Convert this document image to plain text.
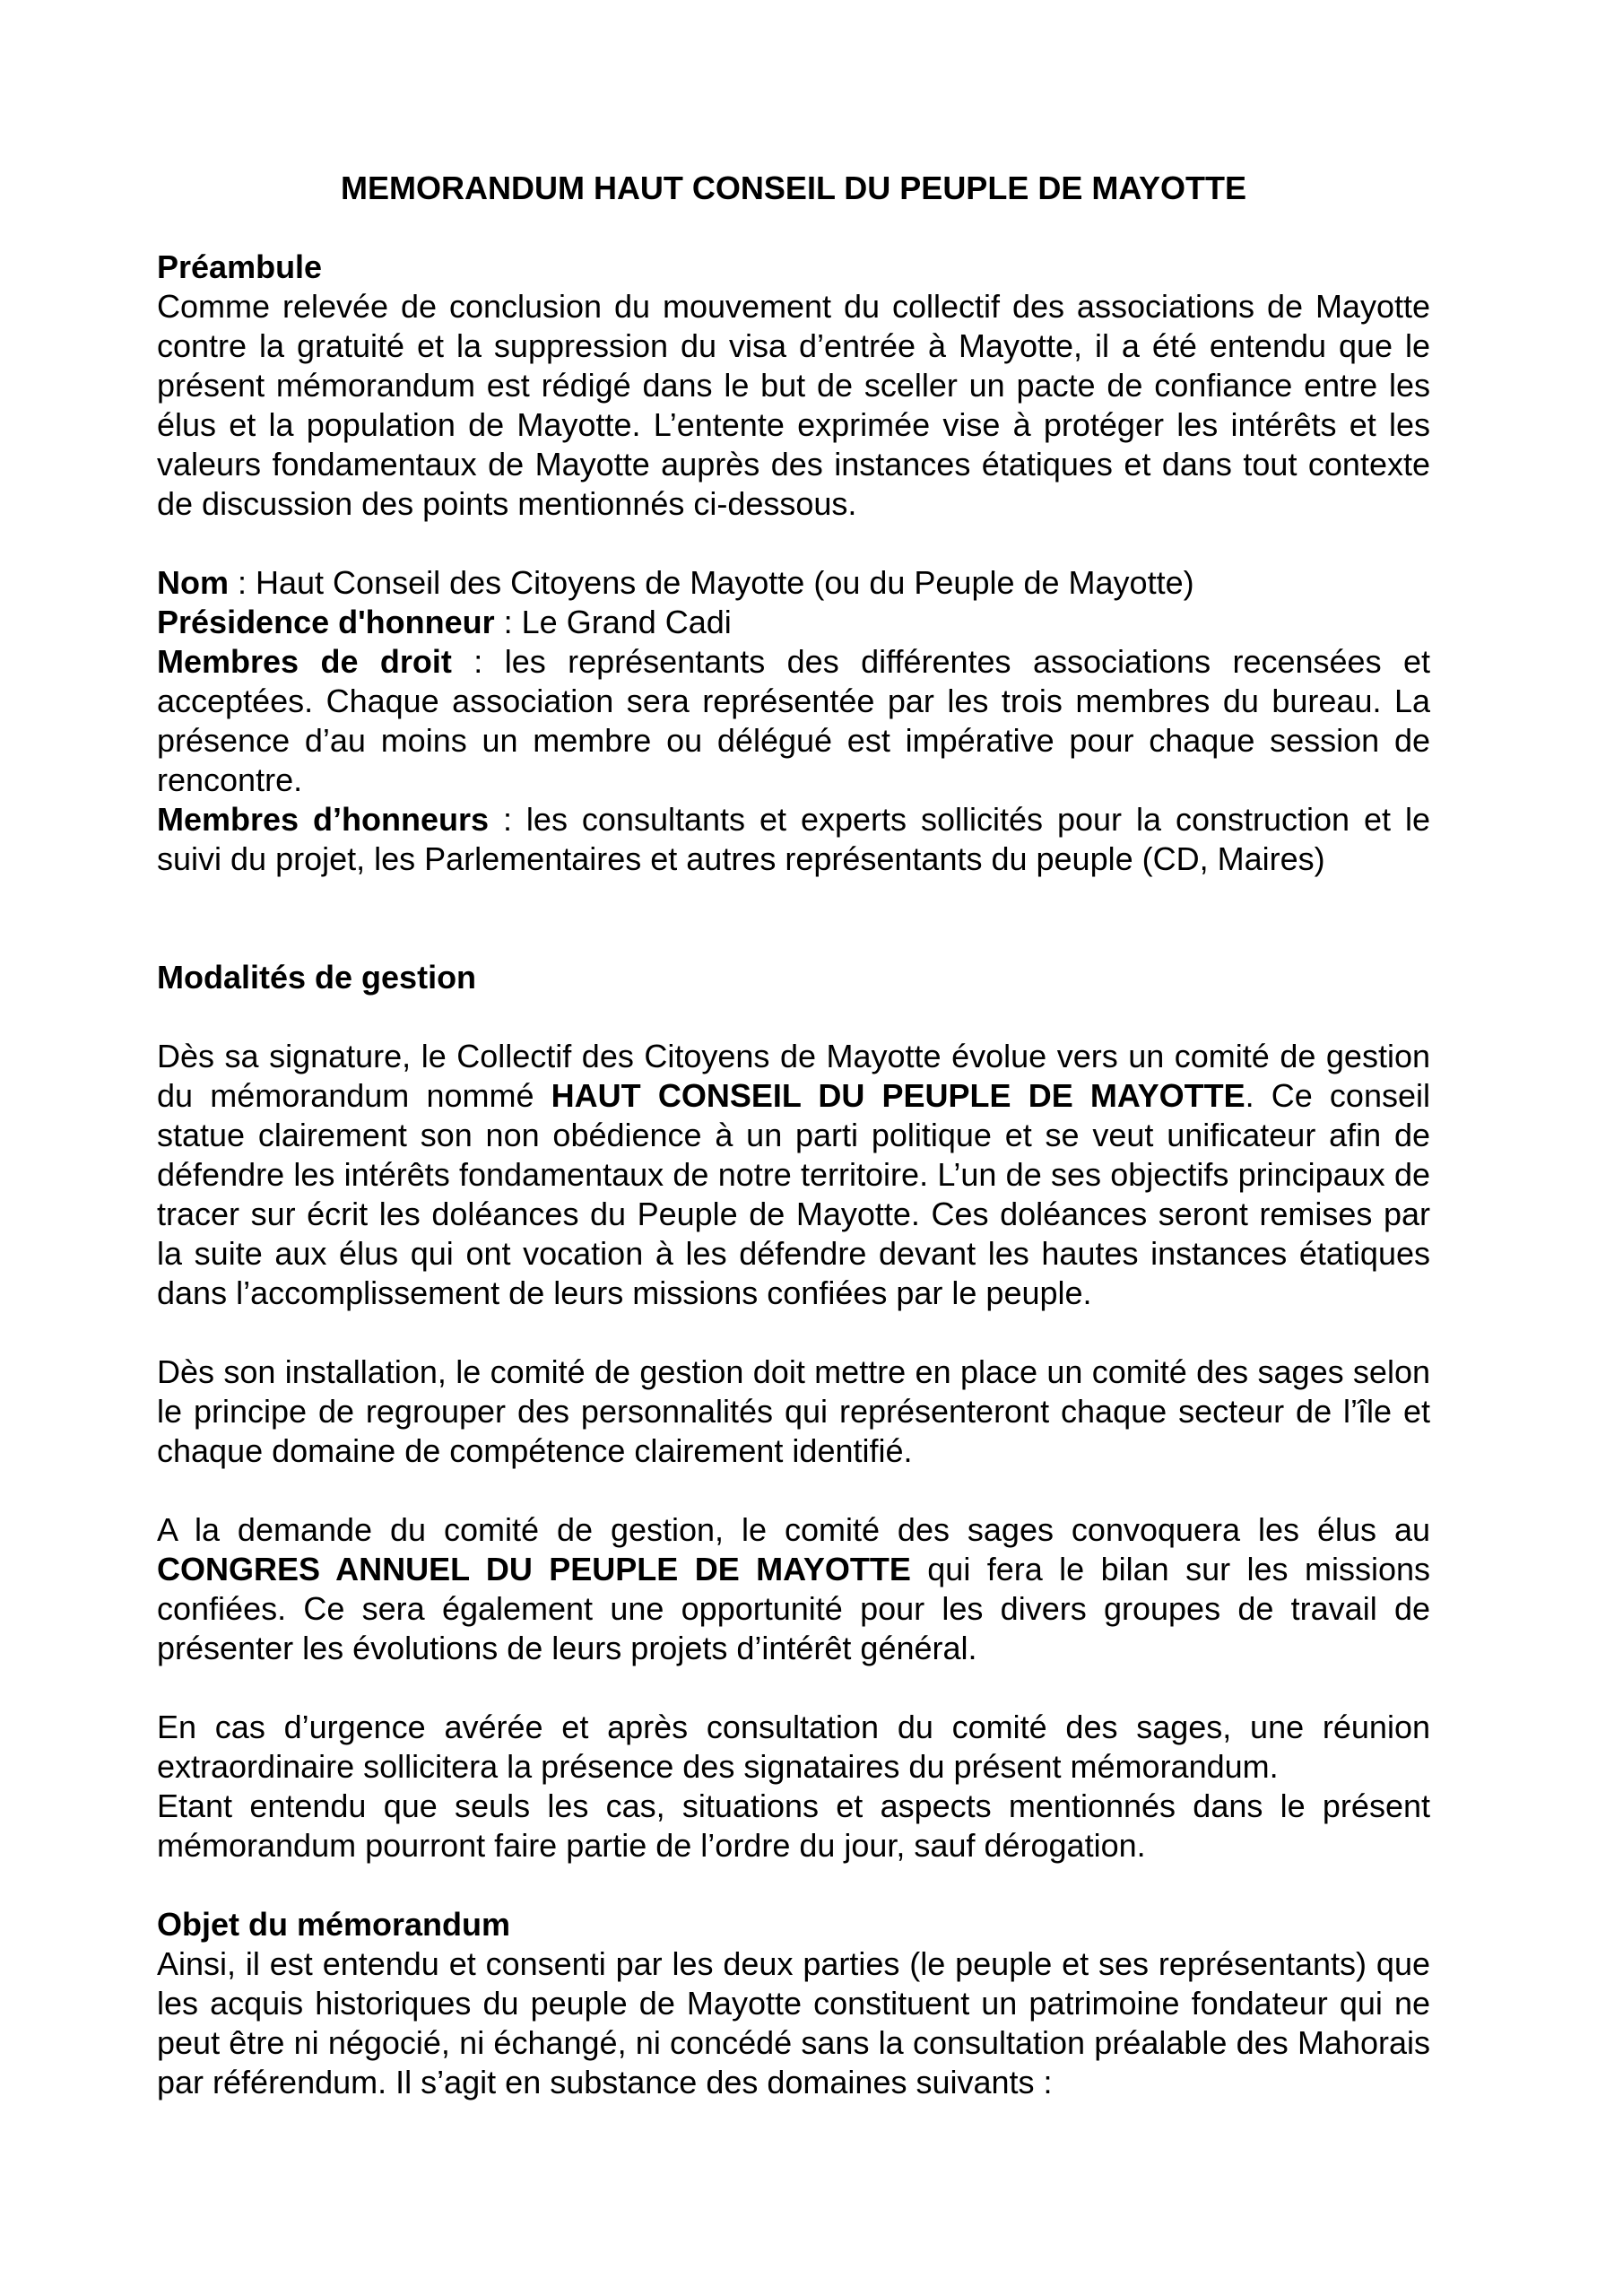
MEMORANDUM HAUT CONSEIL DU PEUPLE DE MAYOTTE
Préambule

Comme relevée de conclusion du mouvement du collectif des associations de Mayotte contre la gratuité et la suppression du visa d’entrée à Mayotte, il a été entendu que le présent mémorandum est rédigé dans le but de sceller un pacte de confiance entre les élus et la population de Mayotte. L’entente exprimée vise à protéger les intérêts et les valeurs fondamentaux de Mayotte auprès des instances étatiques et dans tout contexte de discussion des points mentionnés ci-dessous.

Nom : Haut Conseil des Citoyens de Mayotte (ou du Peuple de Mayotte)

Présidence d'honneur : Le Grand Cadi

Membres de droit : les représentants des différentes associations recensées et acceptées. Chaque association sera représentée par les trois membres du bureau. La présence d’au moins un membre ou délégué est impérative pour chaque session de rencontre.

Membres d’honneurs : les consultants et experts sollicités pour la construction et le suivi du projet, les Parlementaires et autres représentants du peuple (CD, Maires)

Modalités de gestion

Dès sa signature, le Collectif des Citoyens de Mayotte évolue vers un comité de gestion du mémorandum nommé HAUT CONSEIL DU PEUPLE DE MAYOTTE. Ce conseil statue clairement son non obédience à un parti politique et se veut unificateur afin de défendre les intérêts fondamentaux de notre territoire. L’un de ses objectifs principaux de tracer sur écrit les doléances du Peuple de Mayotte. Ces doléances seront remises par la suite aux élus qui ont vocation à les défendre devant les hautes instances étatiques dans l’accomplissement de leurs missions confiées par le peuple.

Dès son installation, le comité de gestion doit mettre en place un comité des sages selon le principe de regrouper des personnalités qui représenteront chaque secteur de l’île et chaque domaine de compétence clairement identifié.

A la demande du comité de gestion, le comité des sages convoquera les élus au CONGRES ANNUEL DU PEUPLE DE MAYOTTE qui fera le bilan sur les missions confiées. Ce sera également une opportunité pour les divers groupes de travail de présenter les évolutions de leurs projets d’intérêt général.

En cas d’urgence avérée et après consultation du comité des sages, une réunion extraordinaire sollicitera la présence des signataires du présent mémorandum.

Etant entendu que seuls les cas, situations et aspects mentionnés dans le présent mémorandum pourront faire partie de l’ordre du jour, sauf dérogation.

Objet du mémorandum

Ainsi, il est entendu et consenti par les deux parties (le peuple et ses représentants) que les acquis historiques du peuple de Mayotte constituent un patrimoine fondateur qui ne peut être ni négocié, ni échangé, ni concédé sans la consultation préalable des Mahorais par référendum. Il s’agit en substance des domaines suivants :
